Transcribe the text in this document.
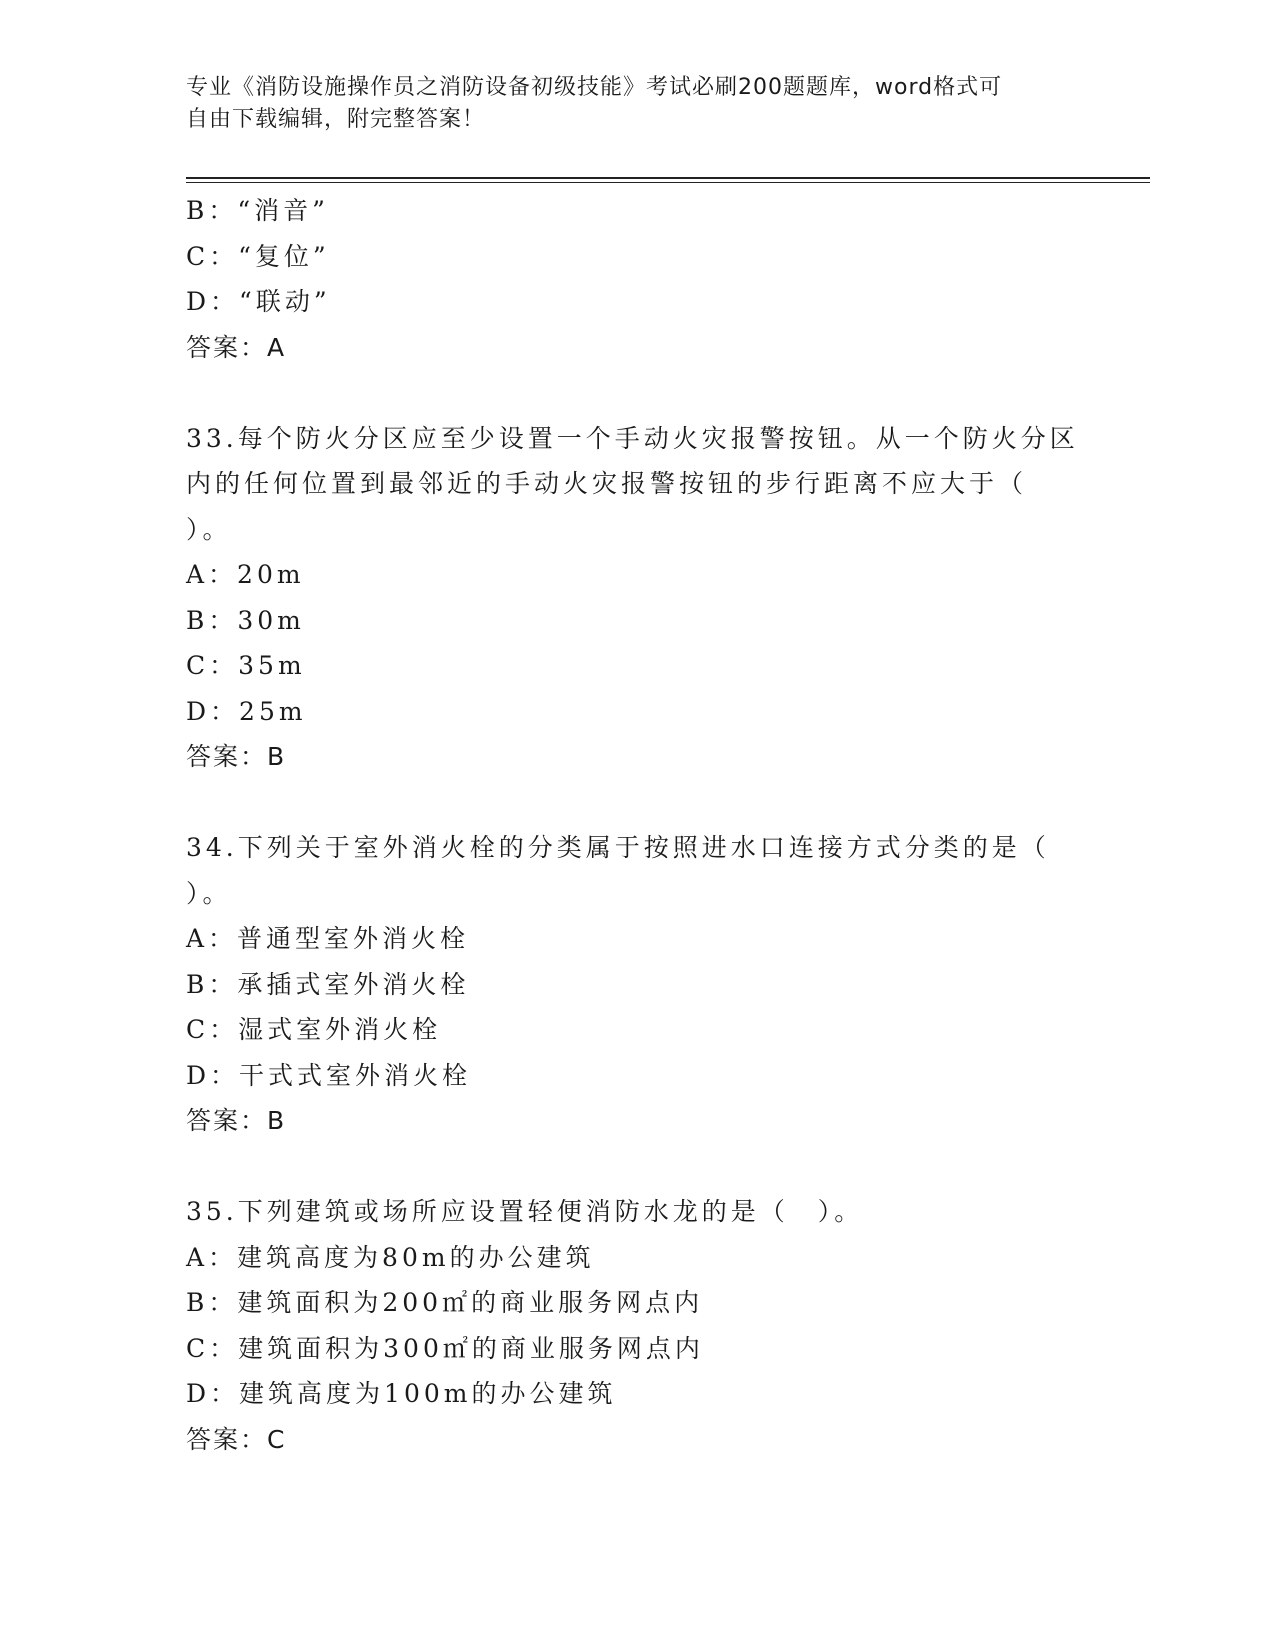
专业《消防设施操作员之消防设备初级技能》考试必刷200题题库，word格式可
自由下载编辑，附完整答案！
B：“消音”
C：“复位”
D：“联动”
答案：A
33.每个防火分区应至少设置一个手动火灾报警按钮。从一个防火分区
内的任何位置到最邻近的手动火灾报警按钮的步行距离不应大于（
）。
A：20m
B：30m
C：35m
D：25m
答案：B
34.下列关于室外消火栓的分类属于按照进水口连接方式分类的是（
）。
A：普通型室外消火栓
B：承插式室外消火栓
C：湿式室外消火栓
D：干式式室外消火栓
答案：B
35.下列建筑或场所应设置轻便消防水龙的是（　）。
A：建筑高度为80m的办公建筑
B：建筑面积为200㎡的商业服务网点内
C：建筑面积为300㎡的商业服务网点内
D：建筑高度为100m的办公建筑
答案：C
